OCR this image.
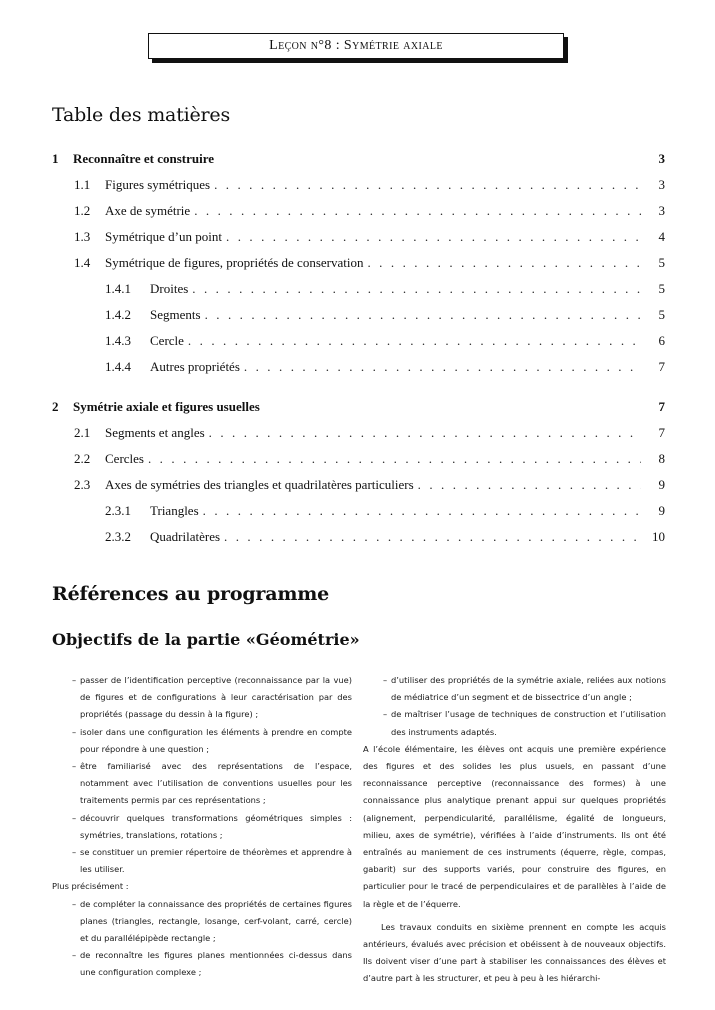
Leçon n°8 : Symétrie axiale
Table des matières
1	Reconnaître et construire	3
1.1	Figures symétriques . . .	3
1.2	Axe de symétrie . . .	3
1.3	Symétrique d’un point . . .	4
1.4	Symétrique de figures, propriétés de conservation . . .	5
1.4.1	Droites . . .	5
1.4.2	Segments . . .	5
1.4.3	Cercle . . .	6
1.4.4	Autres propriétés . . .	7
2	Symétrie axiale et figures usuelles	7
2.1	Segments et angles . . .	7
2.2	Cercles . . .	8
2.3	Axes de symétries des triangles et quadrilatères particuliers . . .	9
2.3.1	Triangles . . .	9
2.3.2	Quadrilatères . . .	10
Références au programme
Objectifs de la partie «Géométrie»
– passer de l’identification perceptive (reconnaissance par la vue) de figures et de configurations à leur caractérisation par des propriétés (passage du dessin à la figure) ;
– isoler dans une configuration les éléments à prendre en compte pour répondre à une question ;
– être familiarisé avec des représentations de l’espace, notamment avec l’utilisation de conventions usuelles pour les traitements permis par ces représentations ;
– découvrir quelques transformations géométriques simples : symétries, translations, rotations ;
– se constituer un premier répertoire de théorèmes et apprendre à les utiliser.

Plus précisément :

– de compléter la connaissance des propriétés de certaines figures planes (triangles, rectangle, losange, cerf-volant, carré, cercle) et du parallélépipède rectangle ;
– de reconnaître les figures planes mentionnées ci-dessus dans une configuration complexe ;
– d’utiliser des propriétés de la symétrie axiale, reliées aux notions de médiatrice d’un segment et de bissectrice d’un angle ;
– de maîtriser l’usage de techniques de construction et l’utilisation des instruments adaptés.

A l’école élémentaire, les élèves ont acquis une première expérience des figures et des solides les plus usuels, en passant d’une reconnaissance perceptive (reconnaissance des formes) à une connaissance plus analytique prenant appui sur quelques propriétés (alignement, perpendicularité, parallélisme, égalité de longueurs, milieu, axes de symétrie), vérifiées à l’aide d’instruments. Ils ont été entraînés au maniement de ces instruments (équerre, règle, compas, gabarit) sur des supports variés, pour construire des figures, en particulier pour le tracé de perpendiculaires et de parallèles à l’aide de la règle et de l’équerre.

Les travaux conduits en sixième prennent en compte les acquis antérieurs, évalués avec précision et obéissent à de nouveaux objectifs. Ils doivent viser d’une part à stabiliser les connaissances des élèves et d’autre part à les structurer, et peu à peu à les hiérarchi-
